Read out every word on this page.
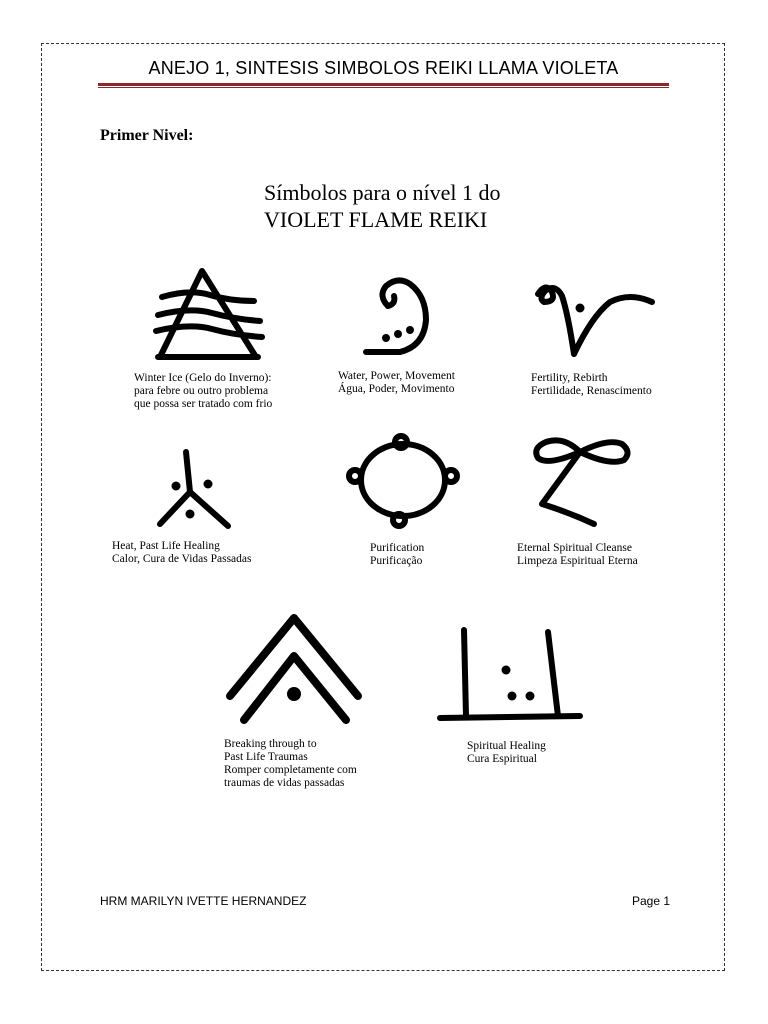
ANEJO 1, SINTESIS SIMBOLOS REIKI LLAMA VIOLETA
Primer Nivel:
Símbolos para o nível 1 do
VIOLET FLAME REIKI
Winter Ice (Gelo do Inverno):
para febre ou outro problema
que possa ser tratado com frio
Water, Power, Movement
Água, Poder, Movimento
Fertility, Rebirth
Fertilidade, Renascimento
Heat, Past Life Healing
Calor, Cura de Vidas Passadas
Purification
Purificação
Eternal Spiritual Cleanse
Limpeza Espiritual Eterna
Breaking through to
Past Life Traumas
Romper completamente com
traumas de vidas passadas
Spiritual Healing
Cura Espiritual
HRM MARILYN IVETTE HERNANDEZ	Page 1
